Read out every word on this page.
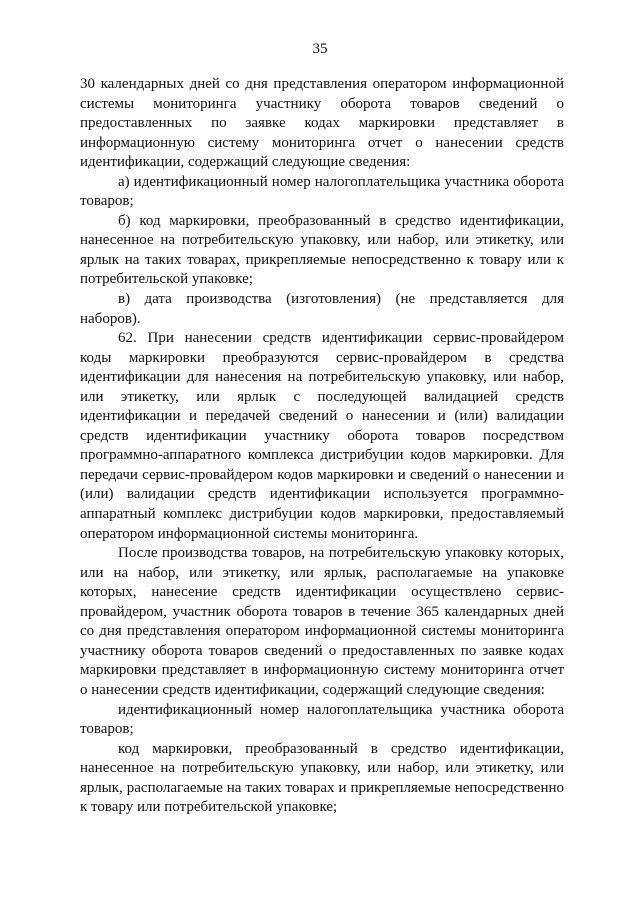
35

30 календарных дней со дня представления оператором информационной системы мониторинга участнику оборота товаров сведений о предоставленных по заявке кодах маркировки представляет в информационную систему мониторинга отчет о нанесении средств идентификации, содержащий следующие сведения:

а) идентификационный номер налогоплательщика участника оборота товаров;

б) код маркировки, преобразованный в средство идентификации, нанесенное на потребительскую упаковку, или набор, или этикетку, или ярлык на таких товарах, прикрепляемые непосредственно к товару или к потребительской упаковке;

в) дата производства (изготовления) (не представляется для наборов).

62. При нанесении средств идентификации сервис-провайдером коды маркировки преобразуются сервис-провайдером в средства идентификации для нанесения на потребительскую упаковку, или набор, или этикетку, или ярлык с последующей валидацией средств идентификации и передачей сведений о нанесении и (или) валидации средств идентификации участнику оборота товаров посредством программно-аппаратного комплекса дистрибуции кодов маркировки. Для передачи сервис-провайдером кодов маркировки и сведений о нанесении и (или) валидации средств идентификации используется программно-аппаратный комплекс дистрибуции кодов маркировки, предоставляемый оператором информационной системы мониторинга.

После производства товаров, на потребительскую упаковку которых, или на набор, или этикетку, или ярлык, располагаемые на упаковке которых, нанесение средств идентификации осуществлено сервис-провайдером, участник оборота товаров в течение 365 календарных дней со дня представления оператором информационной системы мониторинга участнику оборота товаров сведений о предоставленных по заявке кодах маркировки представляет в информационную систему мониторинга отчет о нанесении средств идентификации, содержащий следующие сведения:

идентификационный номер налогоплательщика участника оборота товаров;

код маркировки, преобразованный в средство идентификации, нанесенное на потребительскую упаковку, или набор, или этикетку, или ярлык, располагаемые на таких товарах и прикрепляемые непосредственно к товару или потребительской упаковке;
